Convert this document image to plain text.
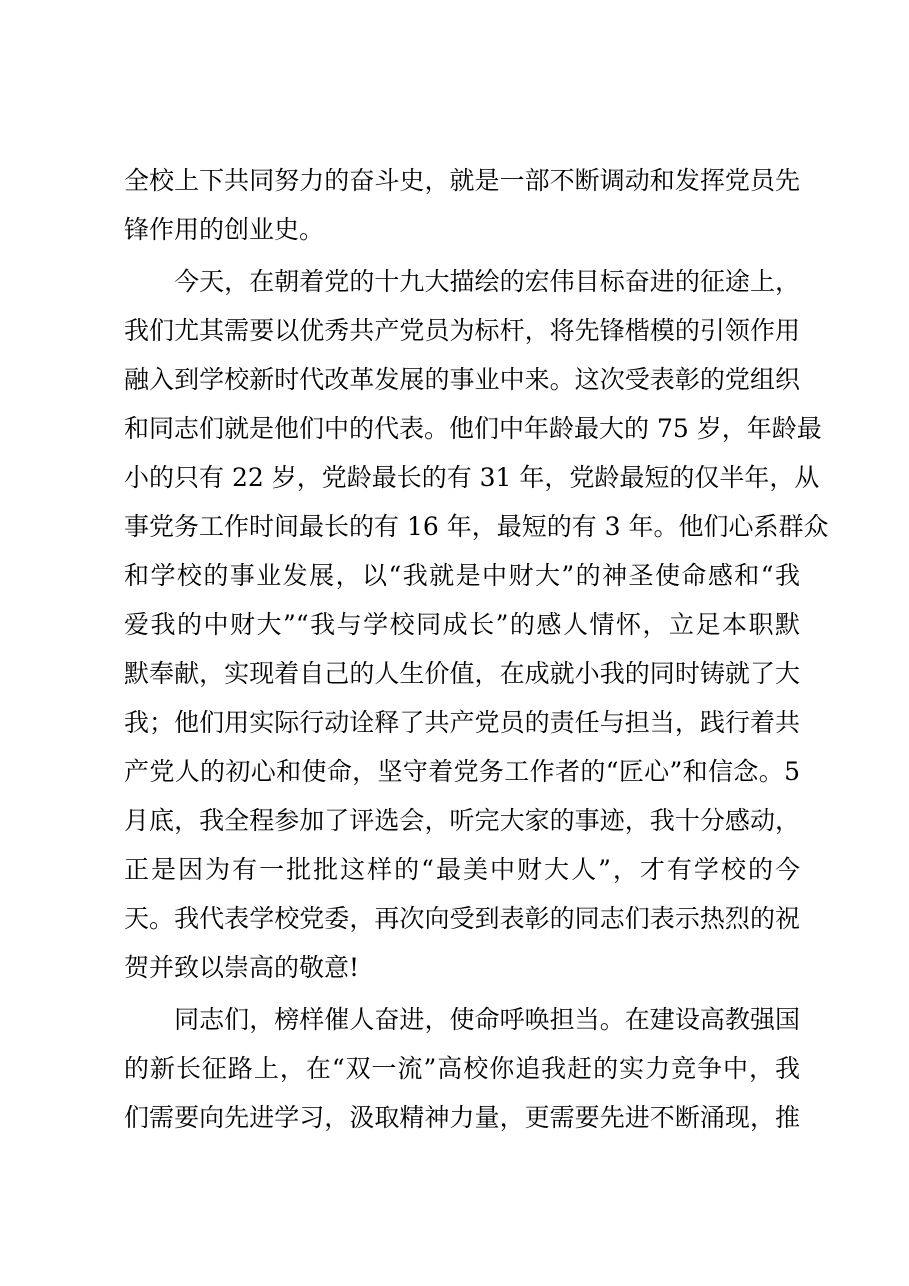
全校上下共同努力的奋斗史，就是一部不断调动和发挥党员先
锋作用的创业史。
　　今天，在朝着党的十九大描绘的宏伟目标奋进的征途上，
我们尤其需要以优秀共产党员为标杆，将先锋楷模的引领作用
融入到学校新时代改革发展的事业中来。这次受表彰的党组织
和同志们就是他们中的代表。他们中年龄最大的 75 岁，年龄最
小的只有 22 岁，党龄最长的有 31 年，党龄最短的仅半年，从
事党务工作时间最长的有 16 年，最短的有 3 年。他们心系群众
和学校的事业发展，以“我就是中财大”的神圣使命感和“我
爱我的中财大”“我与学校同成长”的感人情怀，立足本职默
默奉献，实现着自己的人生价值，在成就小我的同时铸就了大
我；他们用实际行动诠释了共产党员的责任与担当，践行着共
产党人的初心和使命，坚守着党务工作者的“匠心”和信念。5
月底，我全程参加了评选会，听完大家的事迹，我十分感动，
正是因为有一批批这样的“最美中财大人”，才有学校的今
天。我代表学校党委，再次向受到表彰的同志们表示热烈的祝
贺并致以崇高的敬意!
　　同志们，榜样催人奋进，使命呼唤担当。在建设高教强国
的新长征路上，在“双一流”高校你追我赶的实力竞争中，我
们需要向先进学习，汲取精神力量，更需要先进不断涌现，推
